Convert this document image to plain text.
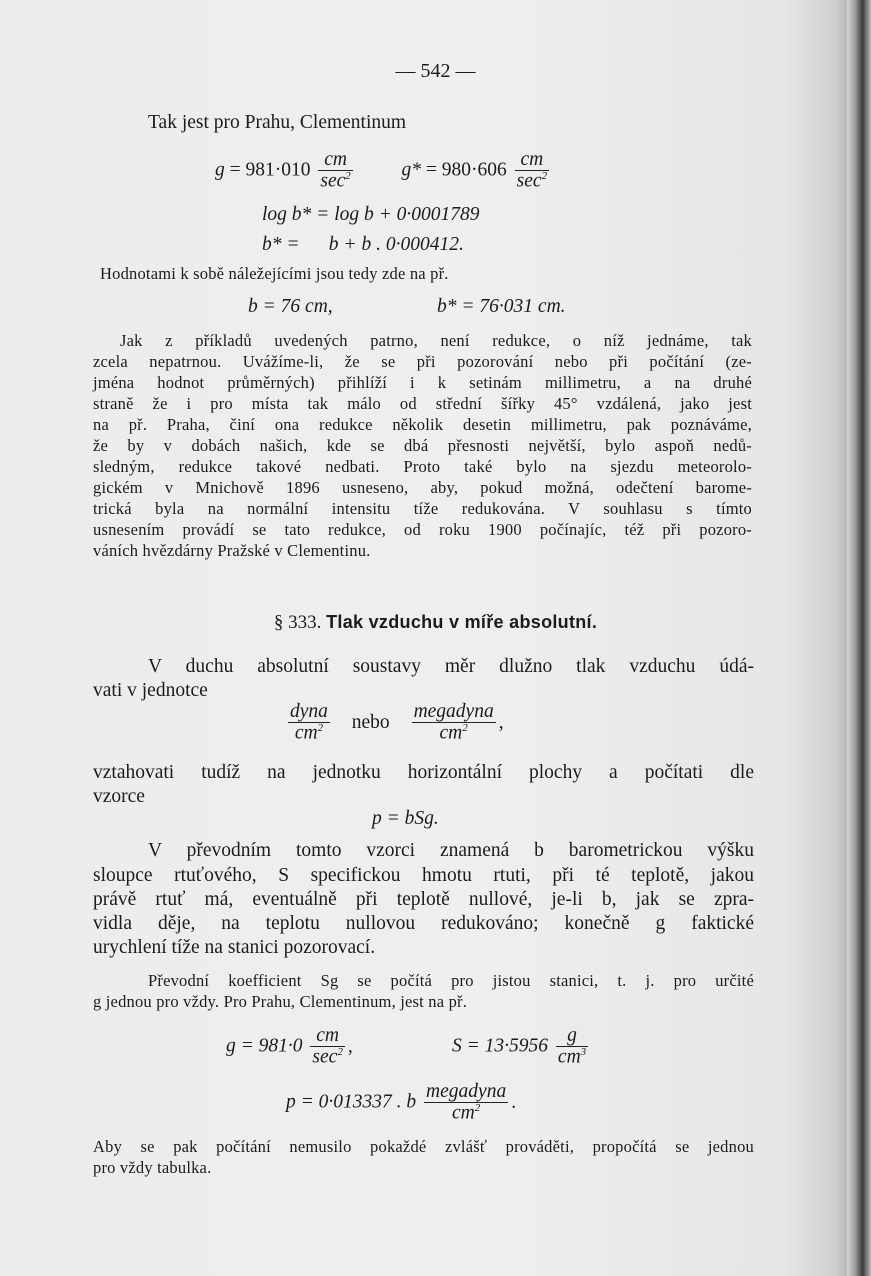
— 542 —
Tak jest pro Prahu, Clementinum
$g = 981\cdot 010 \frac{cm}{\sec^2}$	$g* = 980\cdot 606 \frac{cm}{\sec^2}$
log b* = log b + 0·0001789
b* =      b + b . 0·000412.
Hodnotami k sobě náležejícími jsou tedy zde na př.
b = 76 cm,	b* = 76·031 cm.
Jak z příkladů uvedených patrno, není redukce, o níž jednáme, tak
zcela nepatrnou. Uvážíme-li, že se při pozorování nebo při počítání (ze-
jména hodnot průměrných) přihlíží i k setinám millimetru, a na druhé
straně že i pro místa tak málo od střední šířky 45° vzdálená, jako jest
na př. Praha, činí ona redukce několik desetin millimetru, pak poznáváme,
že by v dobách našich, kde se dbá přesnosti největší, bylo aspoň nedů-
sledným, redukce takové nedbati. Proto také bylo na sjezdu meteorolo-
gickém v Mnichově 1896 usneseno, aby, pokud možná, odečtení barome-
trická byla na normální intensitu tíže redukována. V souhlasu s tímto
usnesením provádí se tato redukce, od roku 1900 počínajíc, též při pozoro-
váních hvězdárny Pražské v Clementinu.
§ 333. Tlak vzduchu v míře absolutní.
V duchu absolutní soustavy měr dlužno tlak vzduchu údá-
vati v jednotce
$\frac{\text{dyna}}{cm^2}$ nebo $\frac{\text{megadyna}}{cm^2}$ ,
vztahovati tudíž na jednotku horizontální plochy a počítati dle
vzorce
p = bSg.
V převodním tomto vzorci znamená b barometrickou výšku
sloupce rtuťového, S specifickou hmotu rtuti, při té teplotě, jakou
právě rtuť má, eventuálně při teplotě nullové, je-li b, jak se zpra-
vidla děje, na teplotu nullovou redukováno; konečně g faktické
urychlení tíže na stanici pozorovací.
Převodní koefficient Sg se počítá pro jistou stanici, t. j. pro určité
g jednou pro vždy. Pro Prahu, Clementinum, jest na př.
$g = 981\cdot 0 \frac{cm}{\sec^2}$ ,	$S = 13\cdot 5956 \frac{g}{cm^3}$
p = 0·013337 . b $\frac{\text{megadyna}}{cm^2}$ .
Aby se pak počítání nemusilo pokaždé zvlášť prováděti, propočítá se jednou
pro vždy tabulka.
